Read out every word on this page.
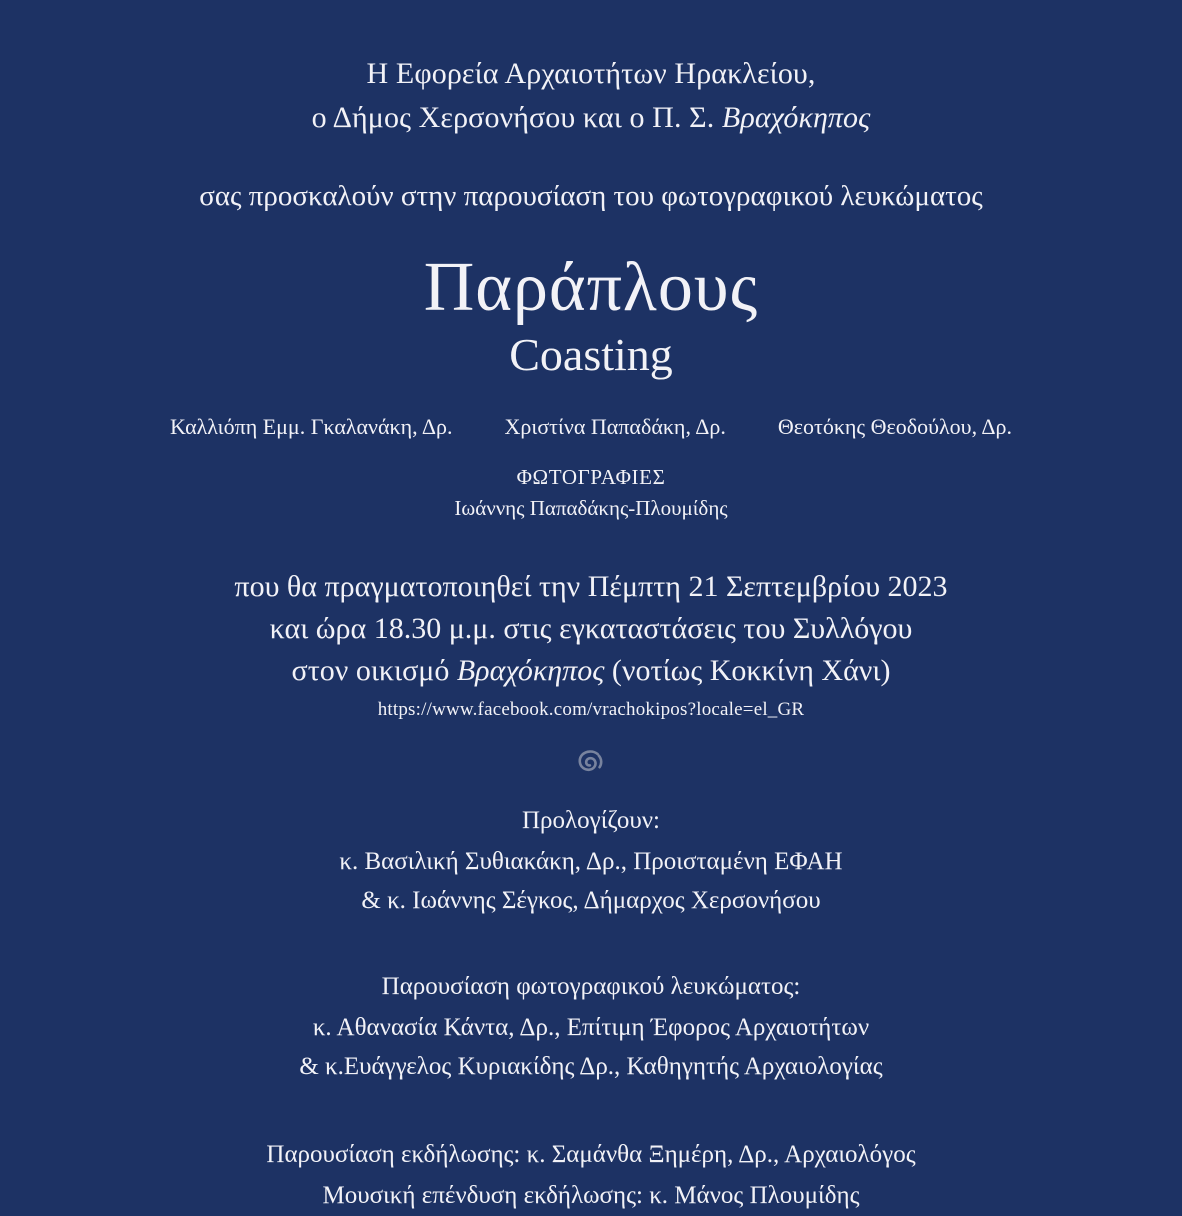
Η Εφορεία Αρχαιοτήτων Ηρακλείου,
ο Δήμος Χερσονήσου και ο Π. Σ. Βραχόκηπος
σας προσκαλούν στην παρουσίαση του φωτογραφικού λευκώματος
Παράπλους
Coasting
Καλλιόπη Εμμ. Γκαλανάκη, Δρ. Χριστίνα Παπαδάκη, Δρ. Θεοτόκης Θεοδούλου, Δρ.
ΦΩΤΟΓΡΑΦΙΕΣ
Ιωάννης Παπαδάκης-Πλουμίδης
που θα πραγματοποιηθεί την Πέμπτη 21 Σεπτεμβρίου 2023
και ώρα 18.30 μ.μ. στις εγκαταστάσεις του Συλλόγου
στον οικισμό Βραχόκηπος (νοτίως Κοκκίνη Χάνι)
https://www.facebook.com/vrachokipos?locale=el_GR
Προλογίζουν:
κ. Βασιλική Συθιακάκη, Δρ., Προισταμένη ΕΦΑΗ
& κ. Ιωάννης Σέγκος, Δήμαρχος Χερσονήσου
Παρουσίαση φωτογραφικού λευκώματος:
κ. Αθανασία Κάντα, Δρ., Επίτιμη Έφορος Αρχαιοτήτων
& κ.Ευάγγελος Κυριακίδης Δρ., Καθηγητής Αρχαιολογίας
Παρουσίαση εκδήλωσης: κ. Σαμάνθα Ξημέρη, Δρ., Αρχαιολόγος
Μουσική επένδυση εκδήλωσης: κ. Μάνος Πλουμίδης
